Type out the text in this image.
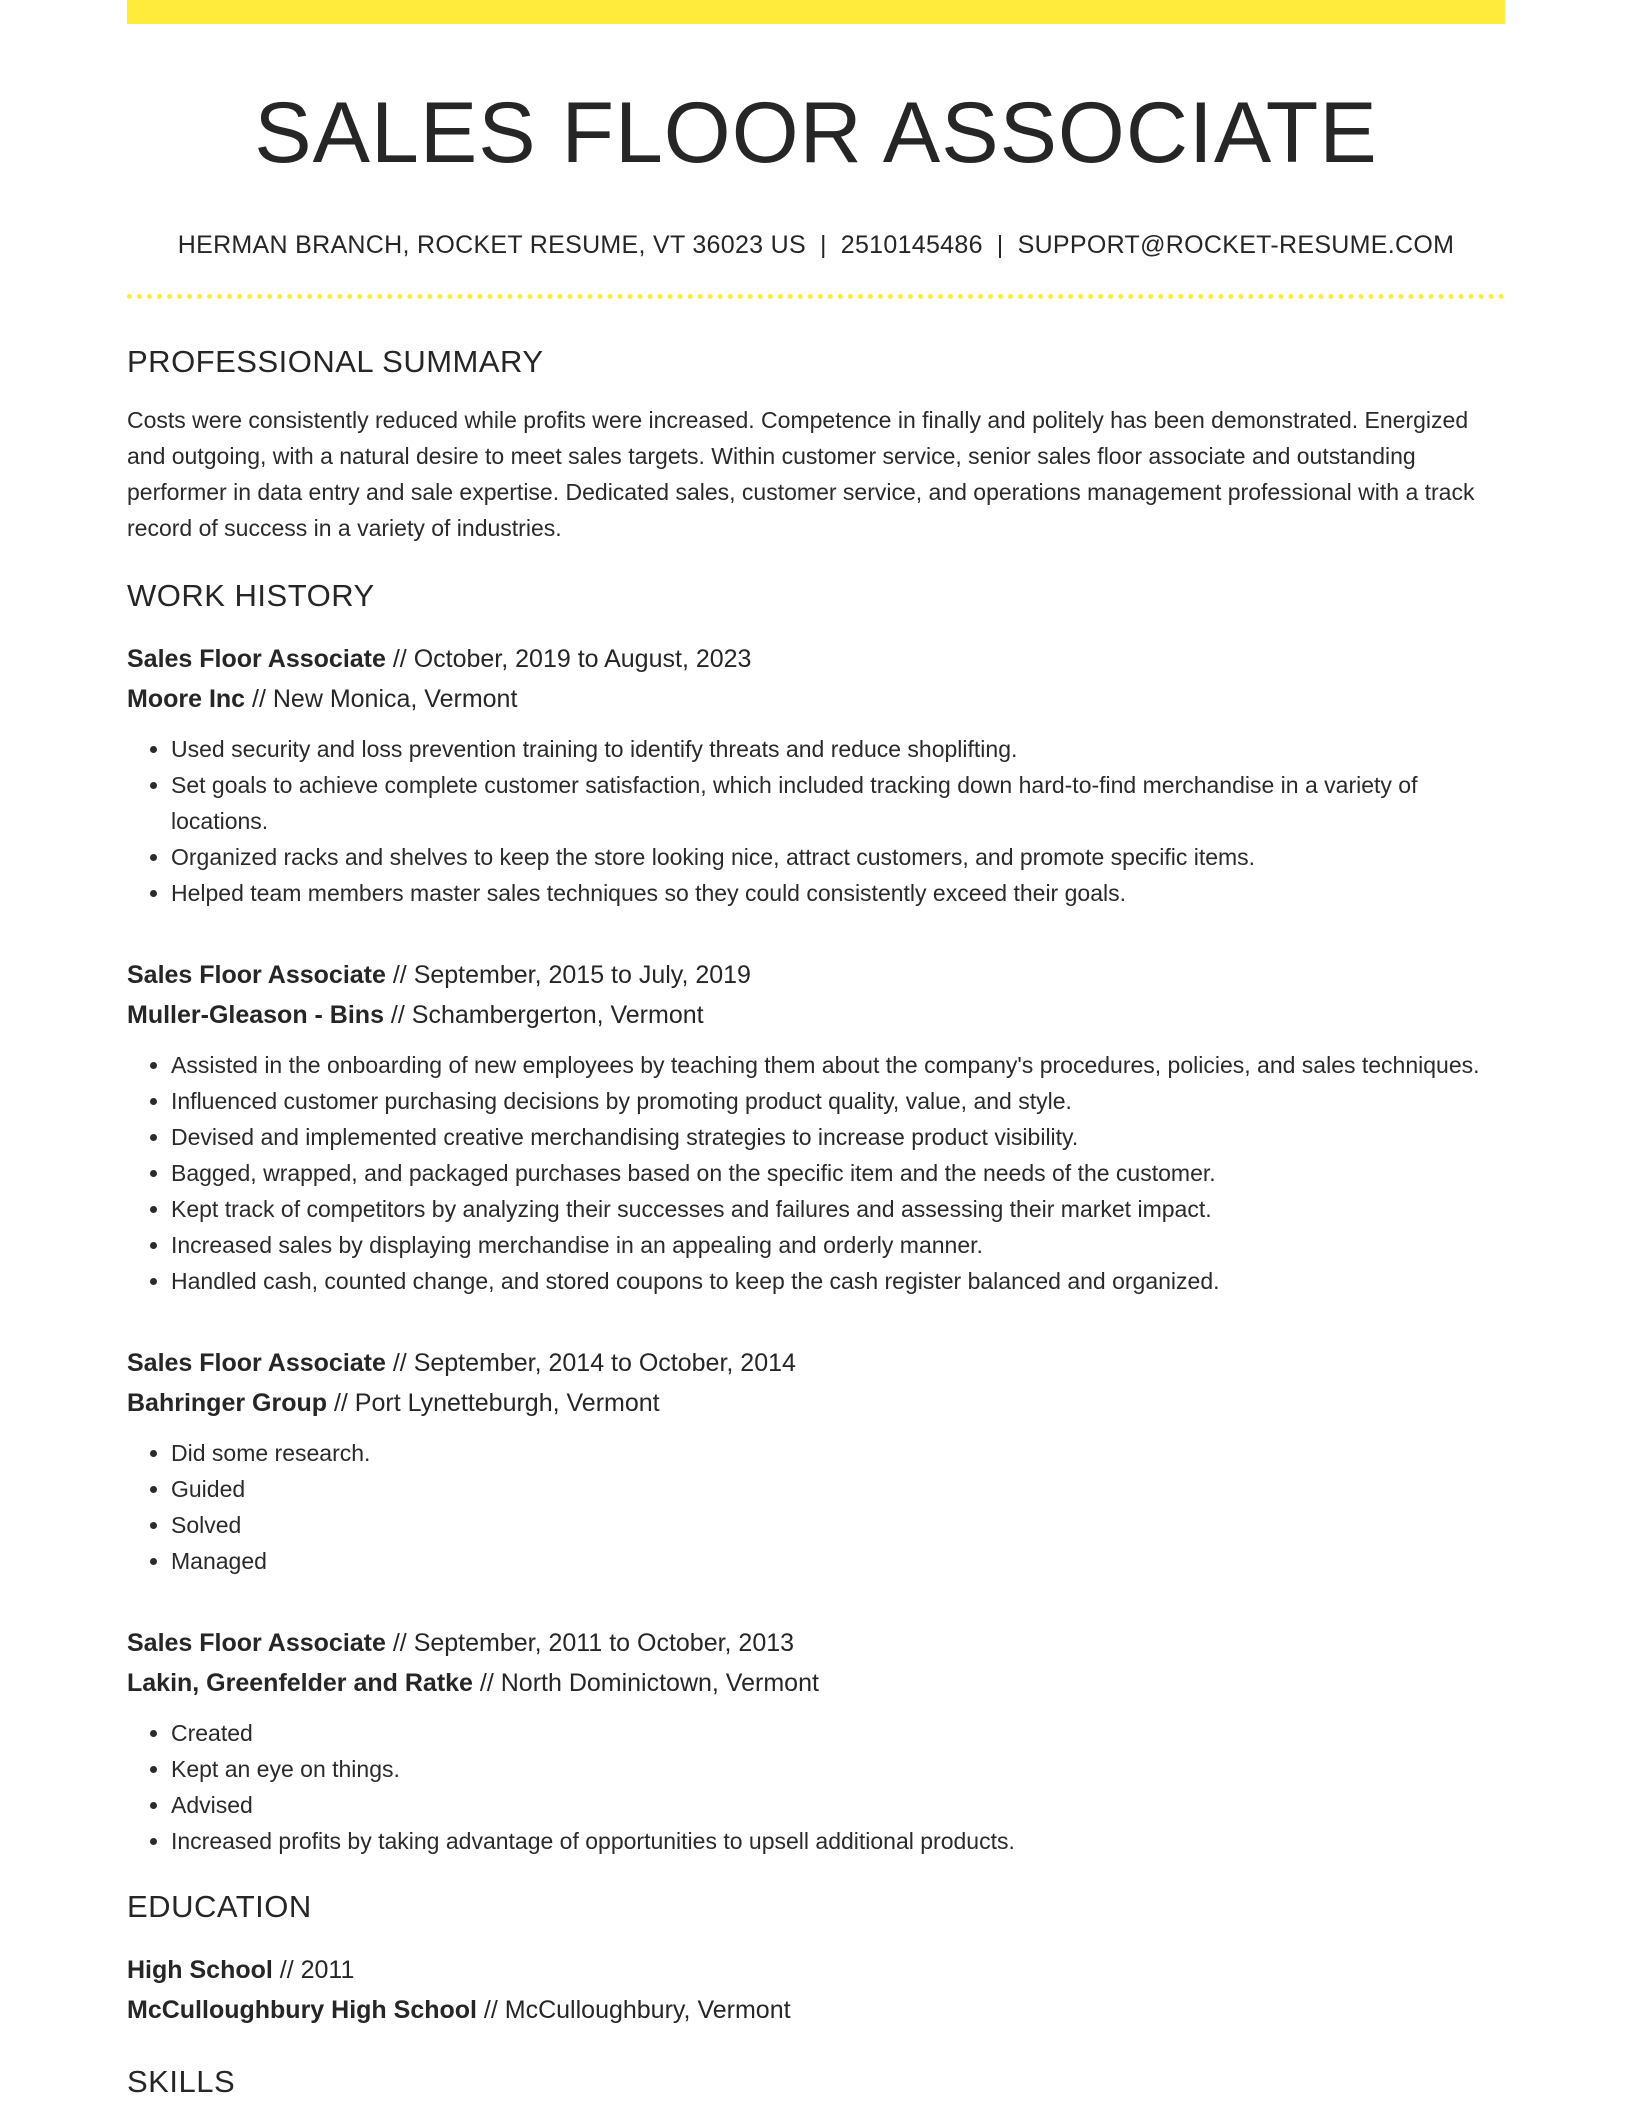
SALES FLOOR ASSOCIATE
HERMAN BRANCH, ROCKET RESUME, VT 36023 US | 2510145486 | SUPPORT@ROCKET-RESUME.COM
PROFESSIONAL SUMMARY
Costs were consistently reduced while profits were increased. Competence in finally and politely has been demonstrated. Energized and outgoing, with a natural desire to meet sales targets. Within customer service, senior sales floor associate and outstanding performer in data entry and sale expertise. Dedicated sales, customer service, and operations management professional with a track record of success in a variety of industries.
WORK HISTORY
Sales Floor Associate // October, 2019 to August, 2023
Moore Inc // New Monica, Vermont
• Used security and loss prevention training to identify threats and reduce shoplifting.
• Set goals to achieve complete customer satisfaction, which included tracking down hard-to-find merchandise in a variety of locations.
• Organized racks and shelves to keep the store looking nice, attract customers, and promote specific items.
• Helped team members master sales techniques so they could consistently exceed their goals.
Sales Floor Associate // September, 2015 to July, 2019
Muller-Gleason - Bins // Schambergerton, Vermont
• Assisted in the onboarding of new employees by teaching them about the company's procedures, policies, and sales techniques.
• Influenced customer purchasing decisions by promoting product quality, value, and style.
• Devised and implemented creative merchandising strategies to increase product visibility.
• Bagged, wrapped, and packaged purchases based on the specific item and the needs of the customer.
• Kept track of competitors by analyzing their successes and failures and assessing their market impact.
• Increased sales by displaying merchandise in an appealing and orderly manner.
• Handled cash, counted change, and stored coupons to keep the cash register balanced and organized.
Sales Floor Associate // September, 2014 to October, 2014
Bahringer Group // Port Lynetteburgh, Vermont
• Did some research.
• Guided
• Solved
• Managed
Sales Floor Associate // September, 2011 to October, 2013
Lakin, Greenfelder and Ratke // North Dominictown, Vermont
• Created
• Kept an eye on things.
• Advised
• Increased profits by taking advantage of opportunities to upsell additional products.
EDUCATION
High School // 2011
McCulloughbury High School // McCulloughbury, Vermont
SKILLS
